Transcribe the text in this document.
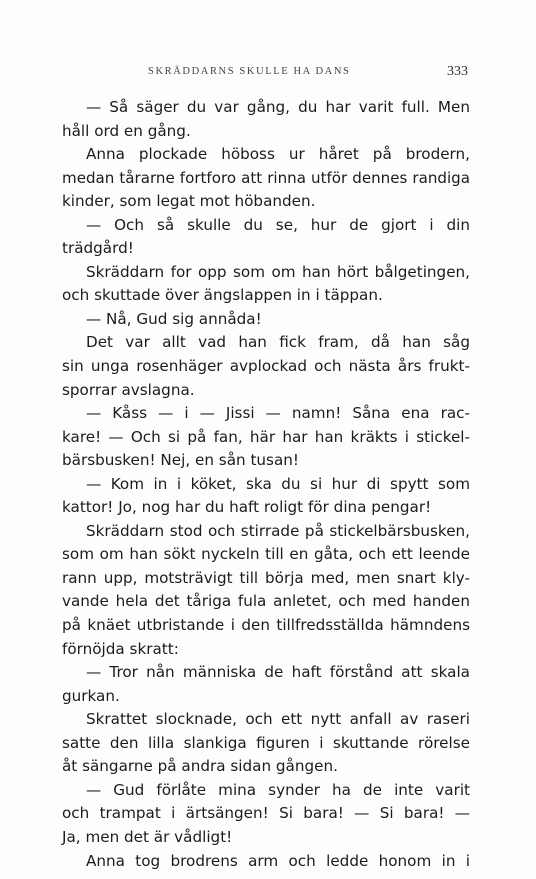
SKRÄDDARNS SKULLE HA DANS	333
— Så säger du var gång, du har varit full. Men
håll ord en gång.
Anna plockade höboss ur håret på brodern,
medan tårarne fortforo att rinna utför dennes randiga
kinder, som legat mot höbanden.
— Och så skulle du se, hur de gjort i din
trädgård!
Skräddarn for opp som om han hört bålgetingen,
och skuttade över ängslappen in i täppan.
— Nå, Gud sig annåda!
Det var allt vad han fick fram, då han såg
sin unga rosenhäger avplockad och nästa års frukt-
sporrar avslagna.
— Kåss — i — Jissi — namn! Såna ena rac-
kare! — Och si på fan, här har han kräkts i stickel-
bärsbusken! Nej, en sån tusan!
— Kom in i köket, ska du si hur di spytt som
kattor! Jo, nog har du haft roligt för dina pengar!
Skräddarn stod och stirrade på stickelbärsbusken,
som om han sökt nyckeln till en gåta, och ett leende
rann upp, motsträvigt till börja med, men snart kly-
vande hela det tåriga fula anletet, och med handen
på knäet utbristande i den tillfredsställda hämndens
förnöjda skratt:
— Tror nån människa de haft förstånd att skala
gurkan.
Skrattet slocknade, och ett nytt anfall av raseri
satte den lilla slankiga figuren i skuttande rörelse
åt sängarne på andra sidan gången.
— Gud förlåte mina synder ha de inte varit
och trampat i ärtsängen! Si bara! — Si bara! —
Ja, men det är vådligt!
Anna tog brodrens arm och ledde honom in i
